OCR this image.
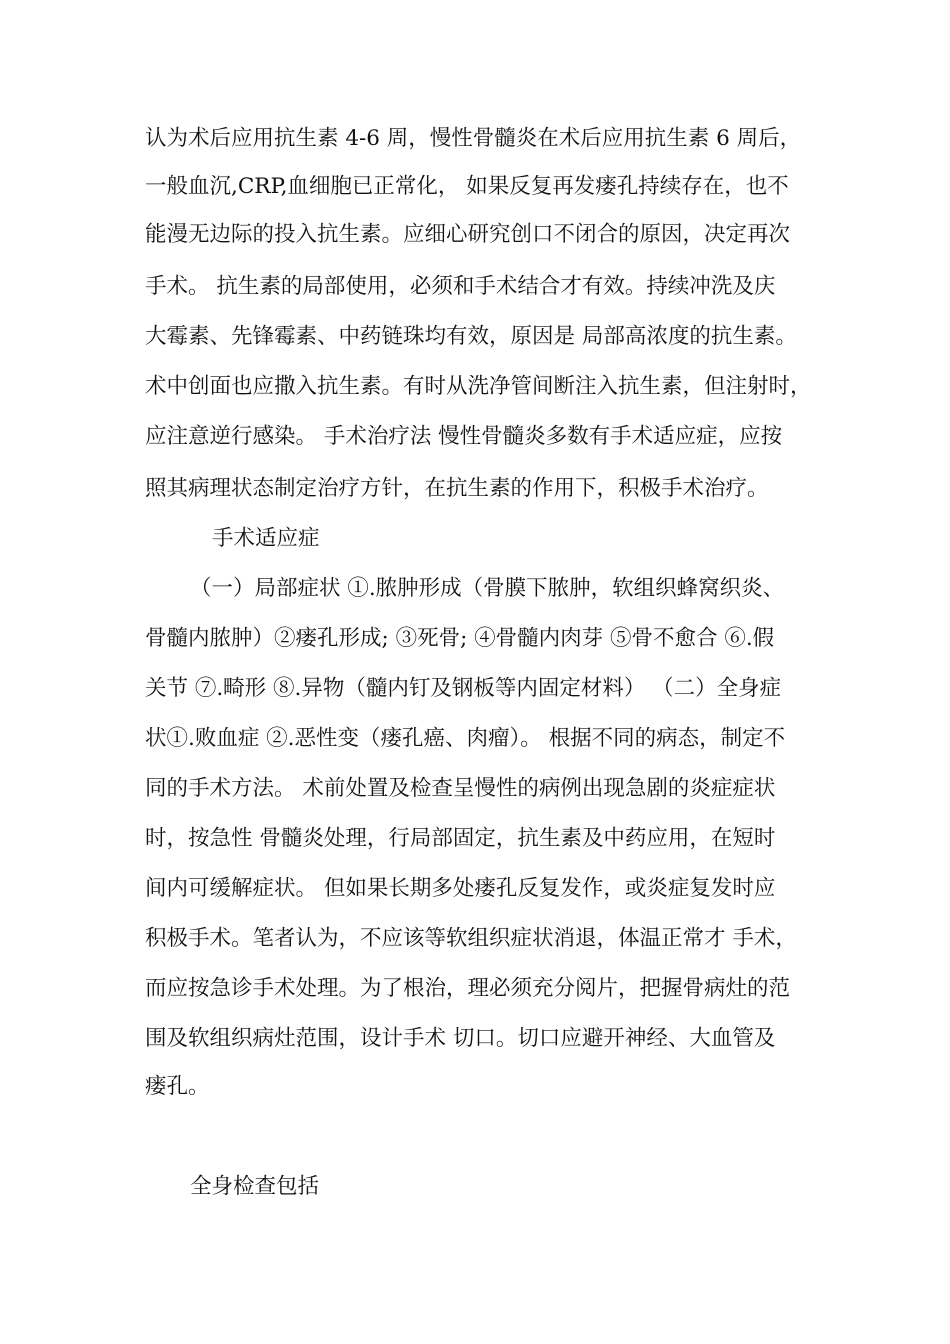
认为术后应用抗生素 4-6 周，慢性骨髓炎在术后应用抗生素 6 周后，
一般血沉,CRP,血细胞已正常化， 如果反复再发瘘孔持续存在，也不
能漫无边际的投入抗生素。应细心研究创口不闭合的原因，决定再次
手术。 抗生素的局部使用，必须和手术结合才有效。持续冲洗及庆
大霉素、先锋霉素、中药链珠均有效，原因是 局部高浓度的抗生素。
术中创面也应撒入抗生素。有时从洗净管间断注入抗生素，但注射时，
应注意逆行感染。 手术治疗法 慢性骨髓炎多数有手术适应症，应按
照其病理状态制定治疗方针，在抗生素的作用下，积极手术治疗。
手术适应症
（一）局部症状 ①.脓肿形成（骨膜下脓肿，软组织蜂窝织炎、
骨髓内脓肿）②瘘孔形成; ③死骨; ④骨髓内肉芽 ⑤骨不愈合 ⑥.假
关节 ⑦.畸形 ⑧.异物（髓内钉及钢板等内固定材料） （二）全身症
状①.败血症 ②.恶性变（瘘孔癌、肉瘤）。 根据不同的病态，制定不
同的手术方法。 术前处置及检查呈慢性的病例出现急剧的炎症症状
时，按急性 骨髓炎处理，行局部固定，抗生素及中药应用，在短时
间内可缓解症状。 但如果长期多处瘘孔反复发作，或炎症复发时应
积极手术。笔者认为，不应该等软组织症状消退，体温正常才 手术，
而应按急诊手术处理。为了根治，理必须充分阅片，把握骨病灶的范
围及软组织病灶范围，设计手术 切口。切口应避开神经、大血管及
瘘孔。
全身检查包括
